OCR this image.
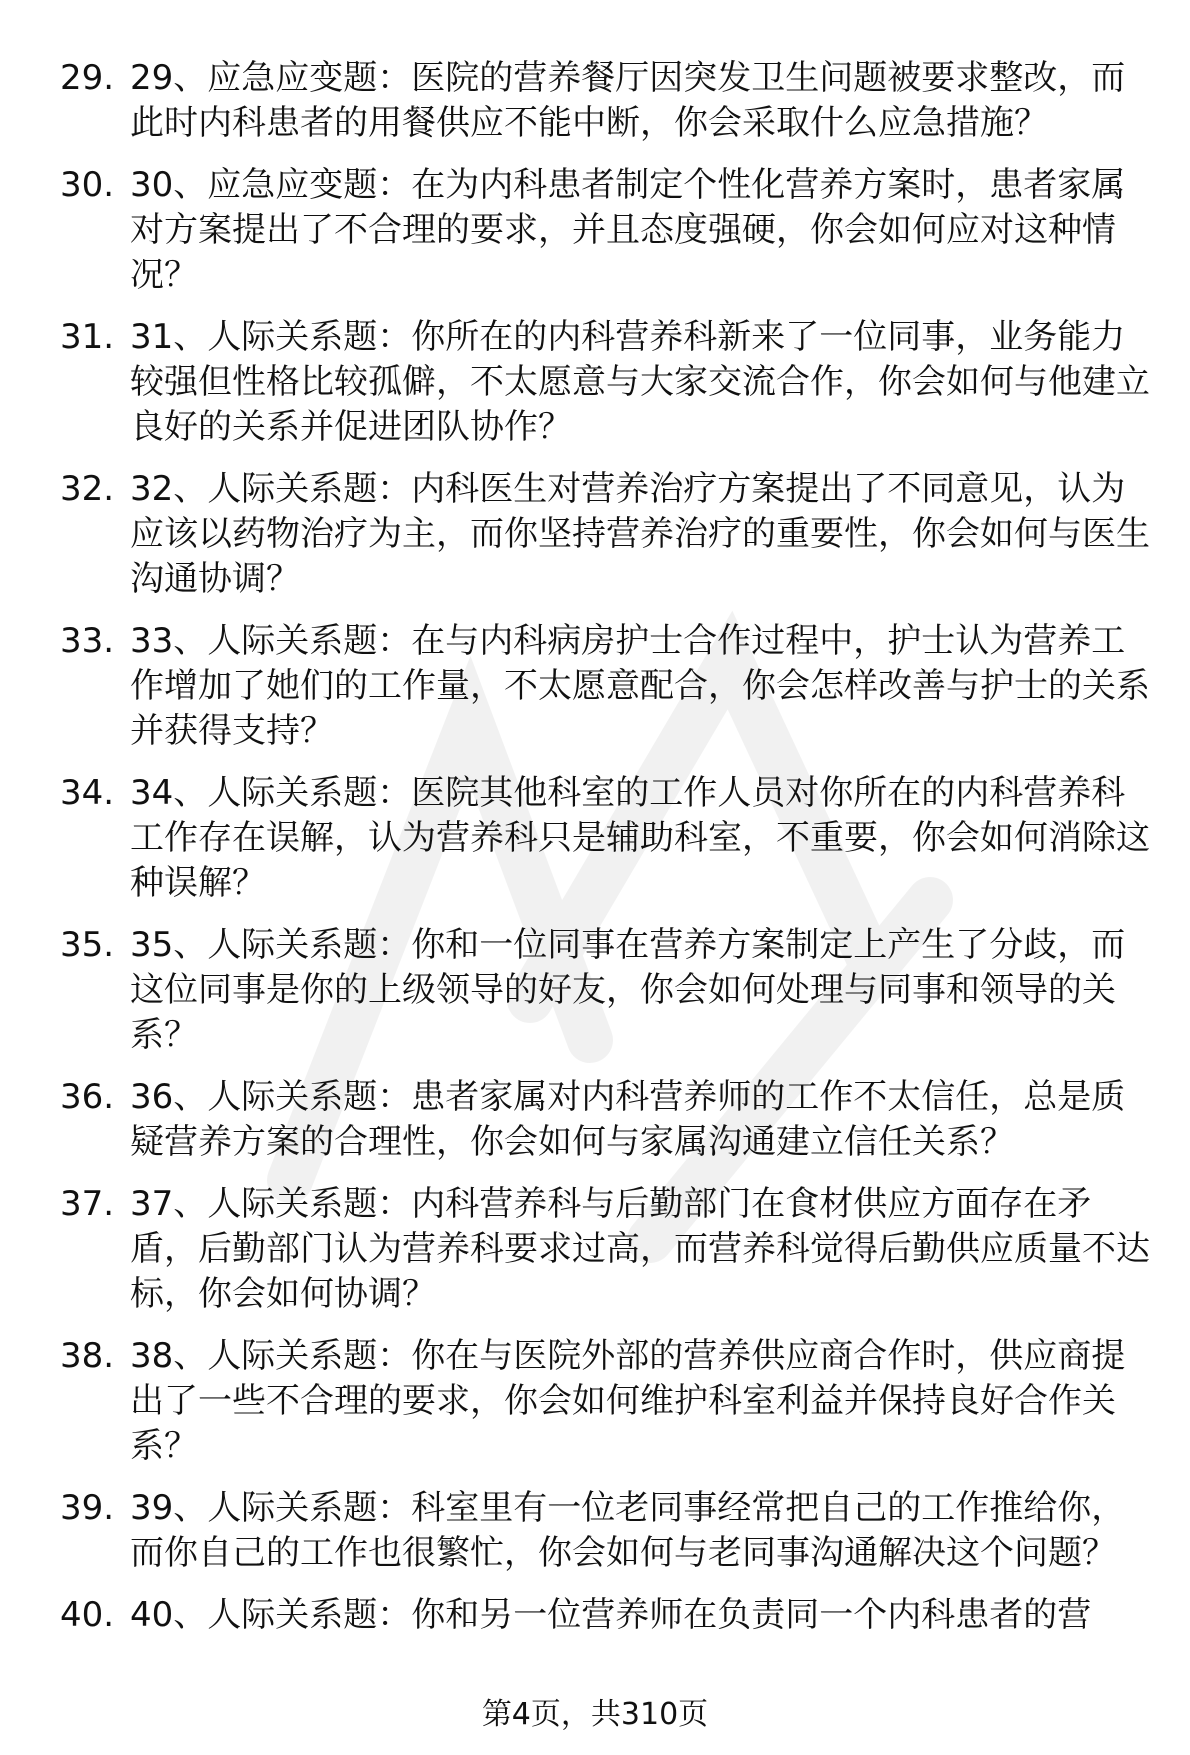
29. 29、应急应变题：医院的营养餐厅因突发卫生问题被要求整改，而此时内科患者的用餐供应不能中断，你会采取什么应急措施？
30. 30、应急应变题：在为内科患者制定个性化营养方案时，患者家属对方案提出了不合理的要求，并且态度强硬，你会如何应对这种情况？
31. 31、人际关系题：你所在的内科营养科新来了一位同事，业务能力较强但性格比较孤僻，不太愿意与大家交流合作，你会如何与他建立良好的关系并促进团队协作？
32. 32、人际关系题：内科医生对营养治疗方案提出了不同意见，认为应该以药物治疗为主，而你坚持营养治疗的重要性，你会如何与医生沟通协调？
33. 33、人际关系题：在与内科病房护士合作过程中，护士认为营养工作增加了她们的工作量，不太愿意配合，你会怎样改善与护士的关系并获得支持？
34. 34、人际关系题：医院其他科室的工作人员对你所在的内科营养科工作存在误解，认为营养科只是辅助科室，不重要，你会如何消除这种误解？
35. 35、人际关系题：你和一位同事在营养方案制定上产生了分歧，而这位同事是你的上级领导的好友，你会如何处理与同事和领导的关系？
36. 36、人际关系题：患者家属对内科营养师的工作不太信任，总是质疑营养方案的合理性，你会如何与家属沟通建立信任关系？
37. 37、人际关系题：内科营养科与后勤部门在食材供应方面存在矛盾，后勤部门认为营养科要求过高，而营养科觉得后勤供应质量不达标，你会如何协调？
38. 38、人际关系题：你在与医院外部的营养供应商合作时，供应商提出了一些不合理的要求，你会如何维护科室利益并保持良好合作关系？
39. 39、人际关系题：科室里有一位老同事经常把自己的工作推给你，而你自己的工作也很繁忙，你会如何与老同事沟通解决这个问题？
40. 40、人际关系题：你和另一位营养师在负责同一个内科患者的营
第4页，共310页
